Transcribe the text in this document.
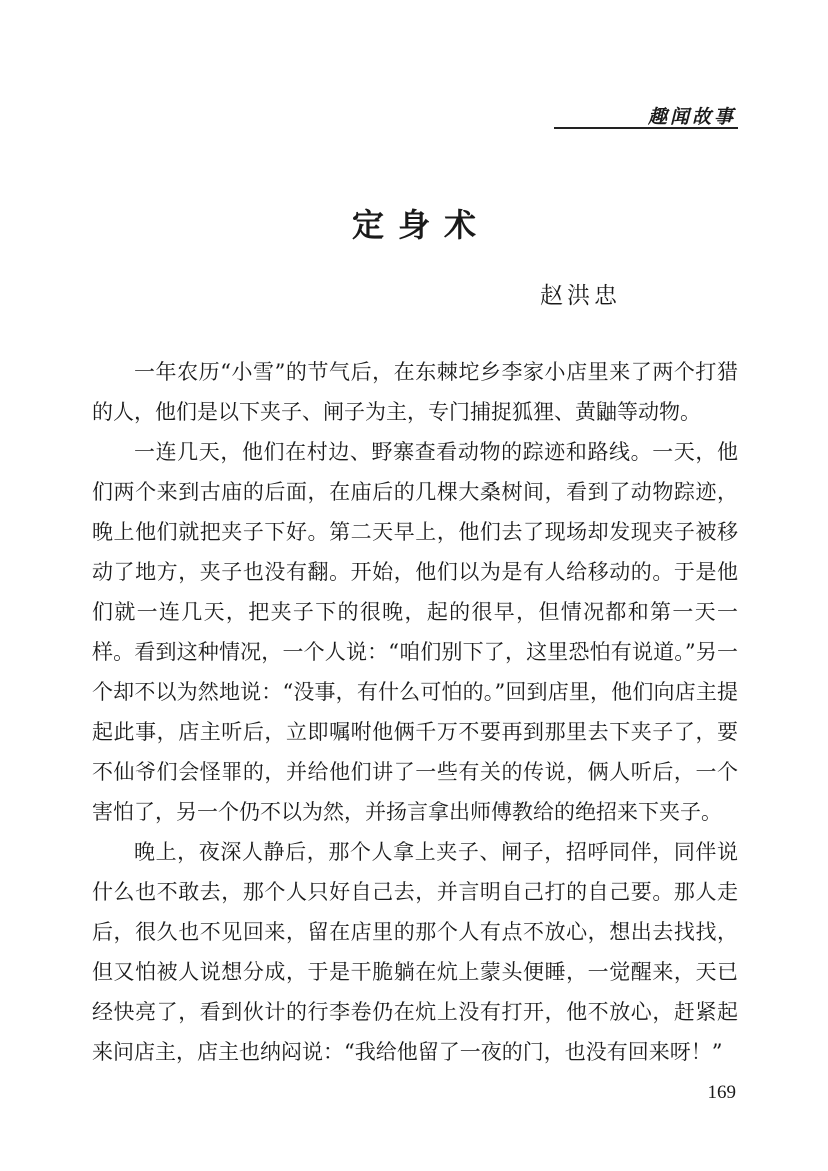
趣闻故事
定身术
赵洪忠

一年农历“小雪”的节气后，在东棘坨乡李家小店里来了两个打猎的人，他们是以下夹子、闸子为主，专门捕捉狐狸、黄鼬等动物。

一连几天，他们在村边、野寨查看动物的踪迹和路线。一天，他们两个来到古庙的后面，在庙后的几棵大桑树间，看到了动物踪迹，晚上他们就把夹子下好。第二天早上，他们去了现场却发现夹子被移动了地方，夹子也没有翻。开始，他们以为是有人给移动的。于是他们就一连几天，把夹子下的很晚，起的很早，但情况都和第一天一样。看到这种情况，一个人说：“咱们别下了，这里恐怕有说道。”另一个却不以为然地说：“没事，有什么可怕的。”回到店里，他们向店主提起此事，店主听后，立即嘱咐他俩千万不要再到那里去下夹子了，要不仙爷们会怪罪的，并给他们讲了一些有关的传说，俩人听后，一个害怕了，另一个仍不以为然，并扬言拿出师傅教给的绝招来下夹子。

晚上，夜深人静后，那个人拿上夹子、闸子，招呼同伴，同伴说什么也不敢去，那个人只好自己去，并言明自己打的自己要。那人走后，很久也不见回来，留在店里的那个人有点不放心，想出去找找，但又怕被人说想分成，于是干脆躺在炕上蒙头便睡，一觉醒来，天已经快亮了，看到伙计的行李卷仍在炕上没有打开，他不放心，赶紧起来问店主，店主也纳闷说：“我给他留了一夜的门，也没有回来呀！”

169
